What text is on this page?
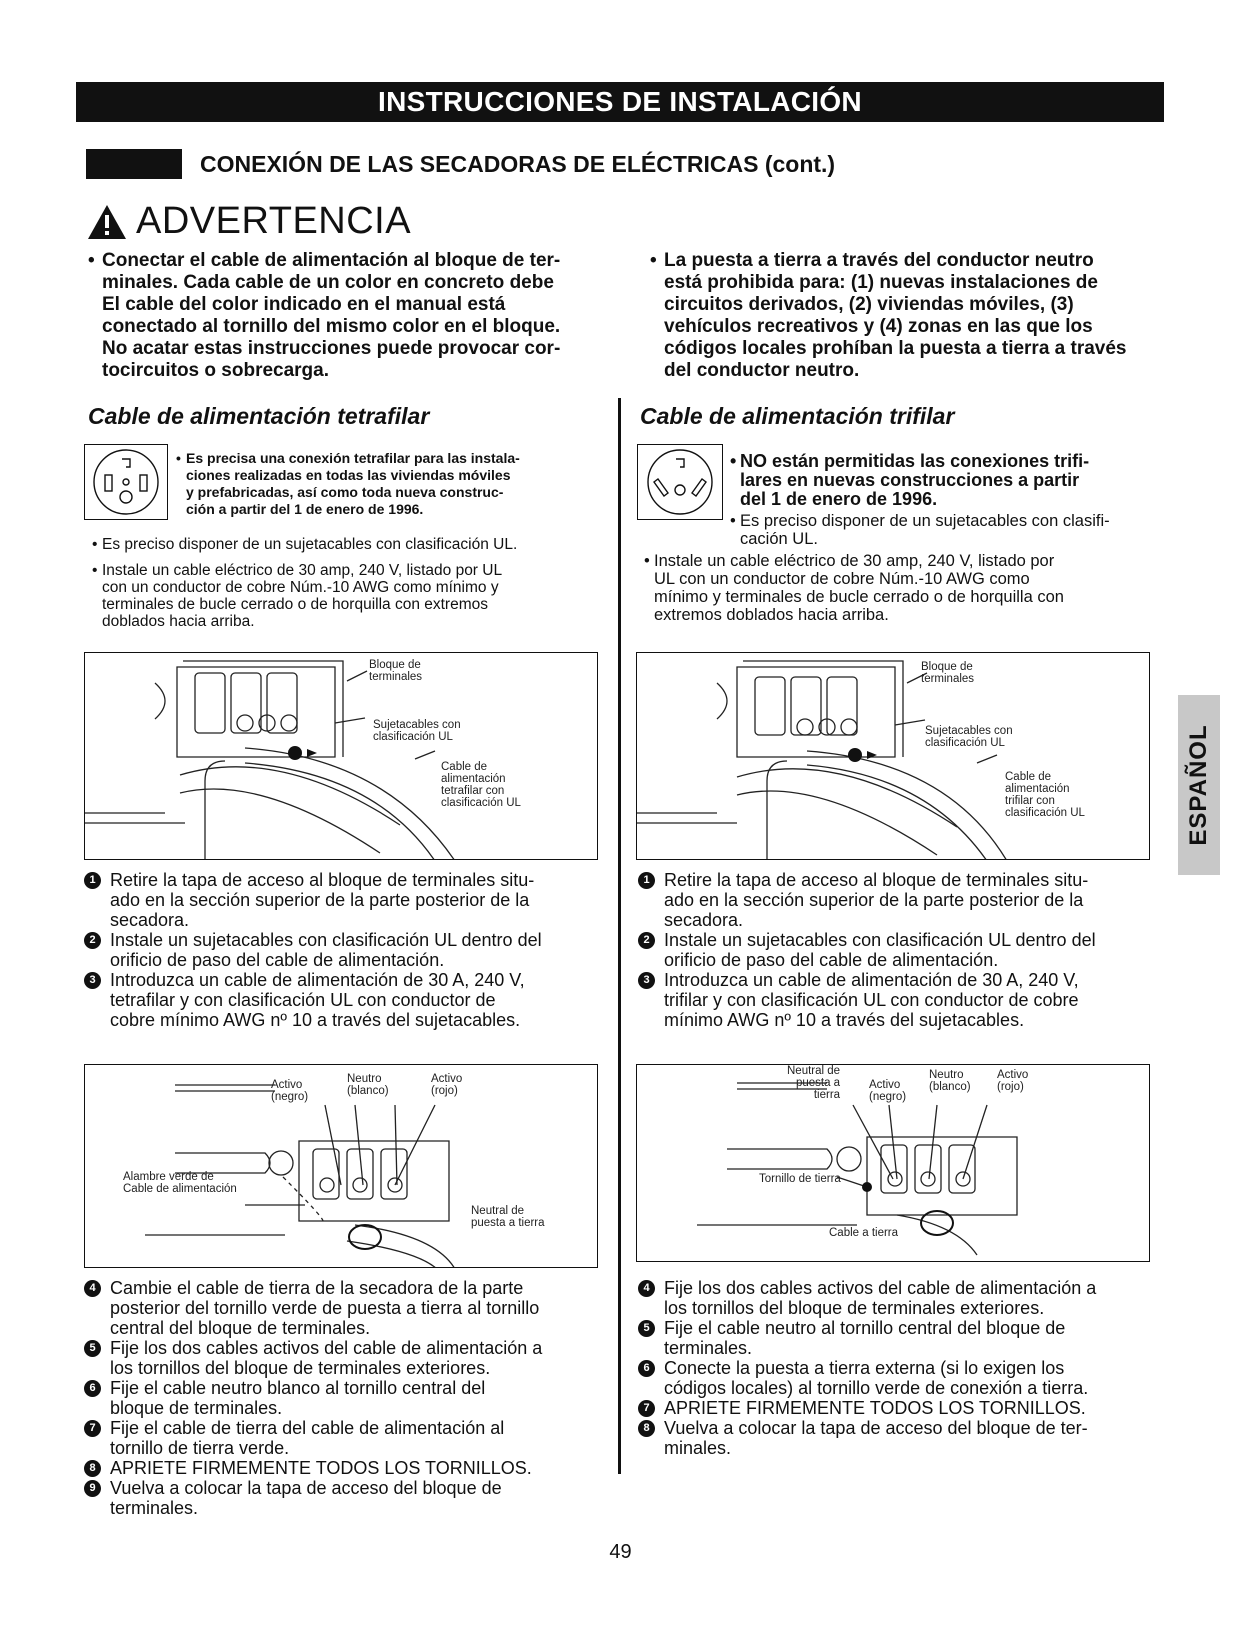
INSTRUCCIONES DE INSTALACIÓN
CONEXIÓN DE LAS SECADORAS DE ELÉCTRICAS (cont.)
ADVERTENCIA
• Conectar el cable de alimentación al bloque de ter-
minales. Cada cable de un color en concreto debe
El cable del color indicado en el manual está
conectado al tornillo del mismo color en el bloque.
No acatar estas instrucciones puede provocar cor-
tocircuitos o sobrecarga.
• La puesta a tierra a través del conductor neutro
está prohibida para: (1) nuevas instalaciones de
circuitos derivados, (2) viviendas móviles, (3)
vehículos recreativos y (4) zonas en las que los
códigos locales prohíban la puesta a tierra a través
del conductor neutro.
Cable de alimentación tetrafilar
• Es precisa una conexión tetrafilar para las instala-
ciones realizadas en todas las viviendas móviles
y prefabricadas, así como toda nueva construc-
ción a partir del 1 de enero de 1996.
• Es preciso disponer de un sujetacables con clasificación UL.
• Instale un cable eléctrico de 30 amp, 240 V, listado por UL
con un conductor de cobre Núm.-10 AWG como mínimo y
terminales de bucle cerrado o de horquilla con extremos
doblados hacia arriba.
Bloque de
terminales
Sujetacables con
clasificación UL
Cable de
alimentación
tetrafilar con
clasificación UL
1 Retire la tapa de acceso al bloque de terminales situ-
ado en la sección superior de la parte posterior de la
secadora.
2 Instale un sujetacables con clasificación UL dentro del
orificio de paso del cable de alimentación.
3 Introduzca un cable de alimentación de 30 A, 240 V,
tetrafilar y con clasificación UL con conductor de
cobre mínimo AWG nº 10 a través del sujetacables.
Activo
(negro)
Neutro
(blanco)
Activo
(rojo)
Alambre verde de
Cable de alimentación
Neutral de
puesta a tierra
4 Cambie el cable de tierra de la secadora de la parte
posterior del tornillo verde de puesta a tierra al tornillo
central del bloque de terminales.
5 Fije los dos cables activos del cable de alimentación a
los tornillos del bloque de terminales exteriores.
6 Fije el cable neutro blanco al tornillo central del
bloque de terminales.
7 Fije el cable de tierra del cable de alimentación al
tornillo de tierra verde.
8 APRIETE FIRMEMENTE TODOS LOS TORNILLOS.
9 Vuelva a colocar la tapa de acceso del bloque de
terminales.
Cable de alimentación trifilar
• NO están permitidas las conexiones trifi-
lares en nuevas construcciones a partir
del 1 de enero de 1996.
• Es preciso disponer de un sujetacables con clasifi-
cación UL.
• Instale un cable eléctrico de 30 amp, 240 V, listado por
UL con un conductor de cobre Núm.-10 AWG como
mínimo y terminales de bucle cerrado o de horquilla con
extremos doblados hacia arriba.
Bloque de
terminales
Sujetacables con
clasificación UL
Cable de
alimentación
trifilar con
clasificación UL
1 Retire la tapa de acceso al bloque de terminales situ-
ado en la sección superior de la parte posterior de la
secadora.
2 Instale un sujetacables con clasificación UL dentro del
orificio de paso del cable de alimentación.
3 Introduzca un cable de alimentación de 30 A, 240 V,
trifilar y con clasificación UL con conductor de cobre
mínimo AWG nº 10 a través del sujetacables.
Neutral de
puesta a
tierra
Activo
(negro)
Neutro
(blanco)
Activo
(rojo)
Tornillo de tierra
Cable a tierra
4 Fije los dos cables activos del cable de alimentación a
los tornillos del bloque de terminales exteriores.
5 Fije el cable neutro al tornillo central del bloque de
terminales.
6 Conecte la puesta a tierra externa (si lo exigen los
códigos locales) al tornillo verde de conexión a tierra.
7 APRIETE FIRMEMENTE TODOS LOS TORNILLOS.
8 Vuelva a colocar la tapa de acceso del bloque de ter-
minales.
ESPAÑOL
49
